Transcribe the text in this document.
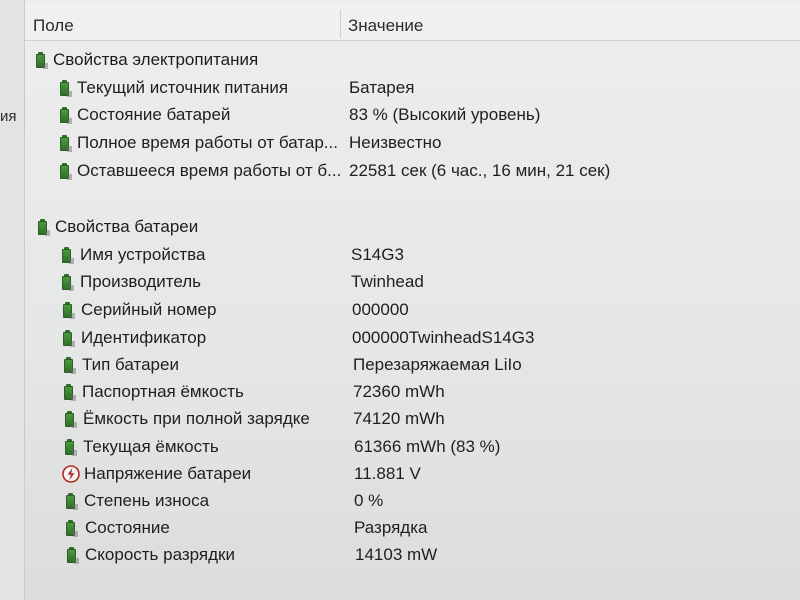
ия
Поле	Значение
Свойства электропитания
Текущий источник питания	Батарея
Состояние батарей	83 % (Высокий уровень)
Полное время работы от батар... Неизвестно
Оставшееся время работы от б... 22581 сек (6 час., 16 мин, 21 сек)
Свойства батареи
Имя устройства	S14G3
Производитель	Twinhead
Серийный номер	000000
Идентификатор	000000TwinheadS14G3
Тип батареи	Перезаряжаемая LiIo
Паспортная ёмкость	72360 mWh
Ёмкость при полной зарядке	74120 mWh
Текущая ёмкость	61366 mWh (83 %)
Напряжение батареи	11.881 V
Степень износа	0 %
Состояние	Разрядка
Скорость разрядки	14103 mW
